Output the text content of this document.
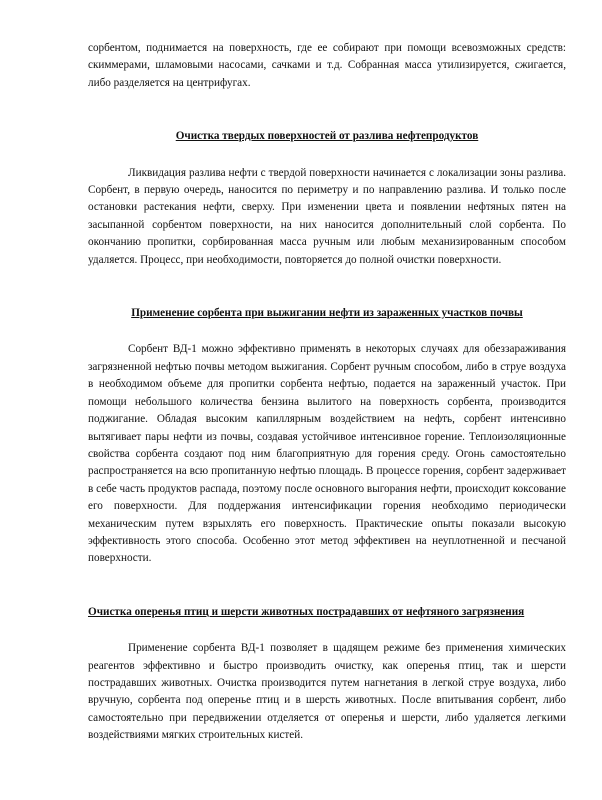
сорбентом, поднимается на поверхность, где ее собирают при помощи всевозможных средств: скиммерами, шламовыми насосами, сачками и т.д. Собранная масса утилизируется, сжигается, либо разделяется на центрифугах.

Очистка твердых поверхностей от разлива нефтепродуктов

Ликвидация разлива нефти с твердой поверхности начинается с локализации зоны разлива. Сорбент, в первую очередь, наносится по периметру и по направлению разлива. И только после остановки растекания нефти, сверху. При изменении цвета и появлении нефтяных пятен на засыпанной сорбентом поверхности, на них наносится дополнительный слой сорбента. По окончанию пропитки, сорбированная масса ручным или любым механизированным способом удаляется. Процесс, при необходимости, повторяется до полной очистки поверхности.

Применение сорбента при выжигании нефти из зараженных участков почвы

Сорбент ВД-1 можно эффективно применять в некоторых случаях для обеззараживания загрязненной нефтью почвы методом выжигания. Сорбент ручным способом, либо в струе воздуха в необходимом объеме для пропитки сорбента нефтью, подается на зараженный участок. При помощи небольшого количества бензина вылитого на поверхность сорбента, производится поджигание. Обладая высоким капиллярным воздействием на нефть, сорбент интенсивно вытягивает пары нефти из почвы, создавая устойчивое интенсивное горение. Теплоизоляционные свойства сорбента создают под ним благоприятную для горения среду. Огонь самостоятельно распространяется на всю пропитанную нефтью площадь. В процессе горения, сорбент задерживает в себе часть продуктов распада, поэтому после основного выгорания нефти, происходит коксование его поверхности. Для поддержания интенсификации горения необходимо периодически механическим путем взрыхлять его поверхность. Практические опыты показали высокую эффективность этого способа. Особенно этот метод эффективен на неуплотненной и песчаной поверхности.

Очистка оперенья птиц и шерсти животных пострадавших от нефтяного загрязнения

Применение сорбента ВД-1 позволяет в щадящем режиме без применения химических реагентов эффективно и быстро производить очистку, как оперенья птиц, так и шерсти пострадавших животных. Очистка производится путем нагнетания в легкой струе воздуха, либо вручную, сорбента под оперенье птиц и в шерсть животных. После впитывания сорбент, либо самостоятельно при передвижении отделяется от оперенья и шерсти, либо удаляется легкими воздействиями мягких строительных кистей.
